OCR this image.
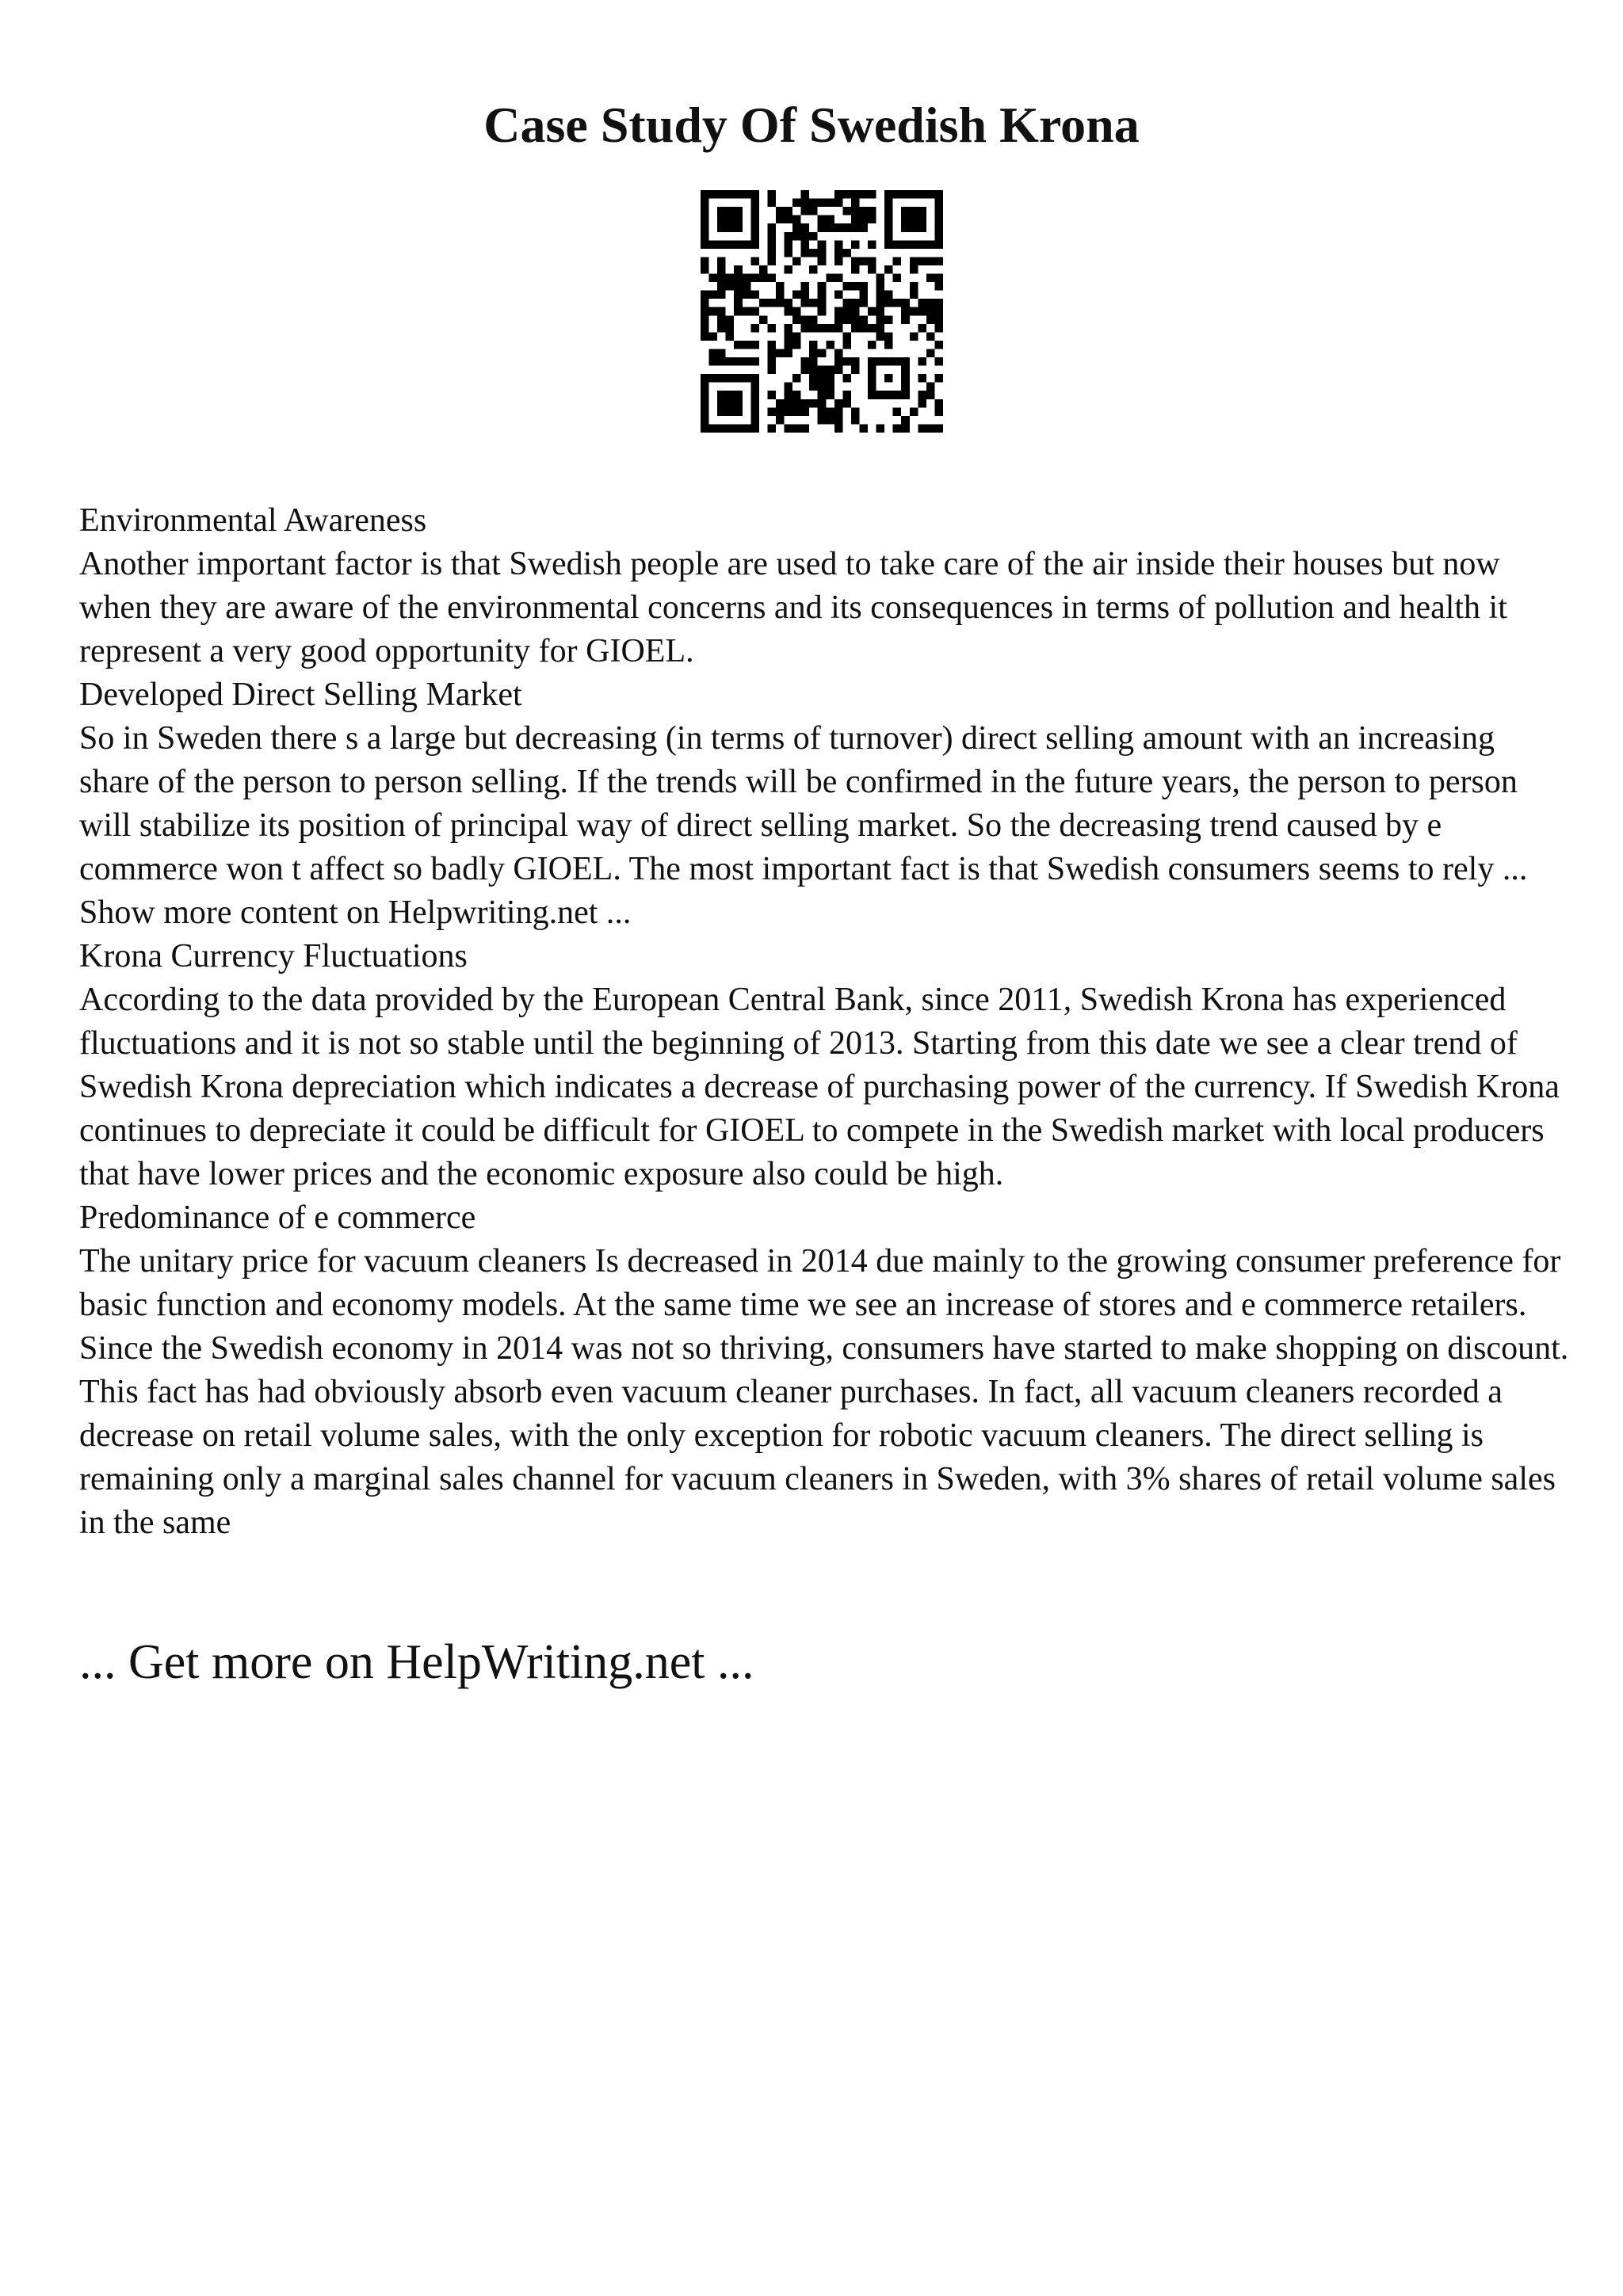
Case Study Of Swedish Krona

Environmental Awareness

Another important factor is that Swedish people are used to take care of the air inside their houses but now when they are aware of the environmental concerns and its consequences in terms of pollution and health it represent a very good opportunity for GIOEL.

Developed Direct Selling Market

So in Sweden there s a large but decreasing (in terms of turnover) direct selling amount with an increasing share of the person to person selling. If the trends will be confirmed in the future years, the person to person will stabilize its position of principal way of direct selling market. So the decreasing trend caused by e commerce won t affect so badly GIOEL. The most important fact is that Swedish consumers seems to rely ... Show more content on Helpwriting.net ...

Krona Currency Fluctuations

According to the data provided by the European Central Bank, since 2011, Swedish Krona has experienced fluctuations and it is not so stable until the beginning of 2013. Starting from this date we see a clear trend of Swedish Krona depreciation which indicates a decrease of purchasing power of the currency. If Swedish Krona continues to depreciate it could be difficult for GIOEL to compete in the Swedish market with local producers that have lower prices and the economic exposure also could be high.

Predominance of e commerce

The unitary price for vacuum cleaners Is decreased in 2014 due mainly to the growing consumer preference for basic function and economy models. At the same time we see an increase of stores and e commerce retailers. Since the Swedish economy in 2014 was not so thriving, consumers have started to make shopping on discount. This fact has had obviously absorb even vacuum cleaner purchases. In fact, all vacuum cleaners recorded a decrease on retail volume sales, with the only exception for robotic vacuum cleaners. The direct selling is remaining only a marginal sales channel for vacuum cleaners in Sweden, with 3% shares of retail volume sales in the same

... Get more on HelpWriting.net ...
